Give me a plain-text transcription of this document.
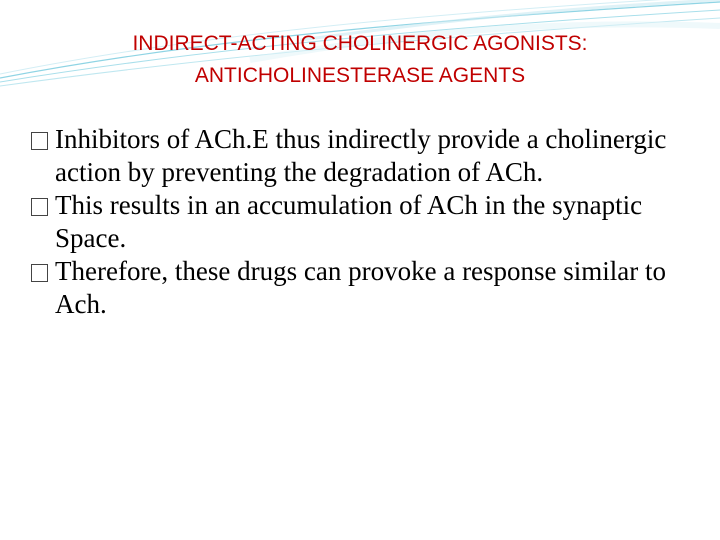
INDIRECT-ACTING CHOLINERGIC AGONISTS:
ANTICHOLINESTERASE AGENTS
Inhibitors of ACh.E thus indirectly provide a cholinergic action by preventing the degradation of ACh.
This results in an accumulation of ACh in the synaptic Space.
Therefore, these drugs can provoke a response similar to Ach.
